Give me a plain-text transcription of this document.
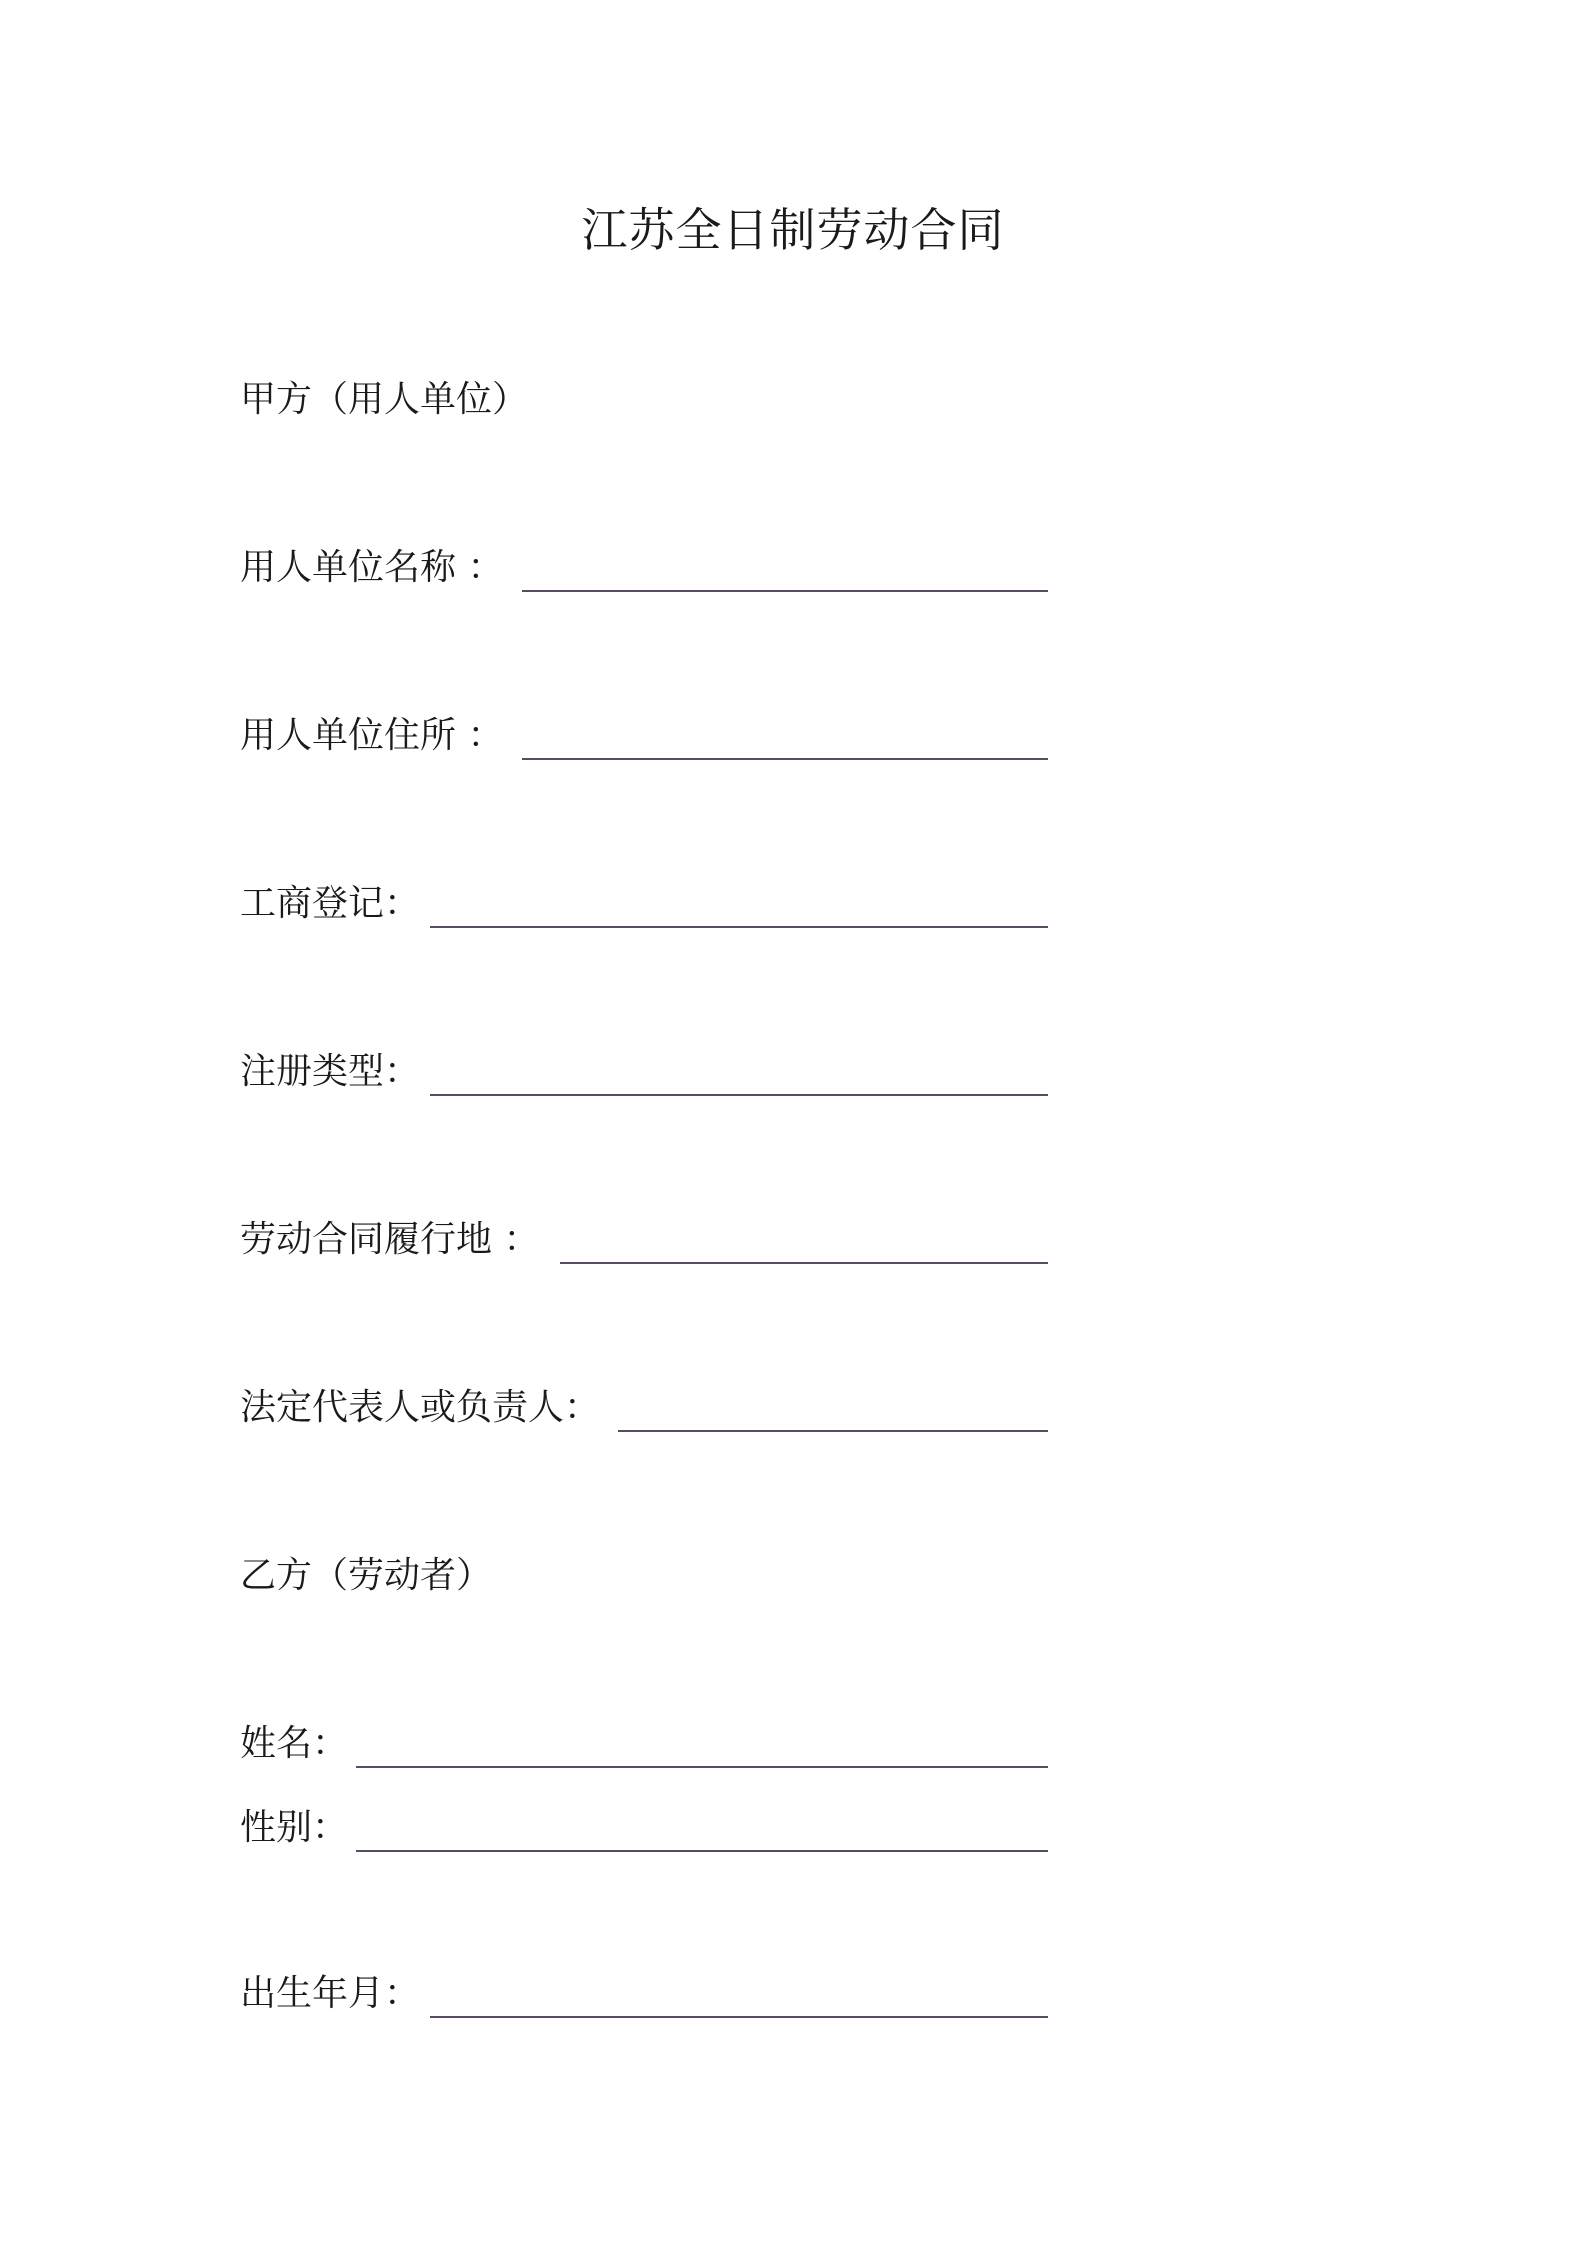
江苏全日制劳动合同
甲方（用人单位）
用人单位名称 ：
用人单位住所 ：
工商登记：
注册类型：
劳动合同履行地 ：
法定代表人或负责人：
乙方（劳动者）
姓名：
性别：
出生年月：
